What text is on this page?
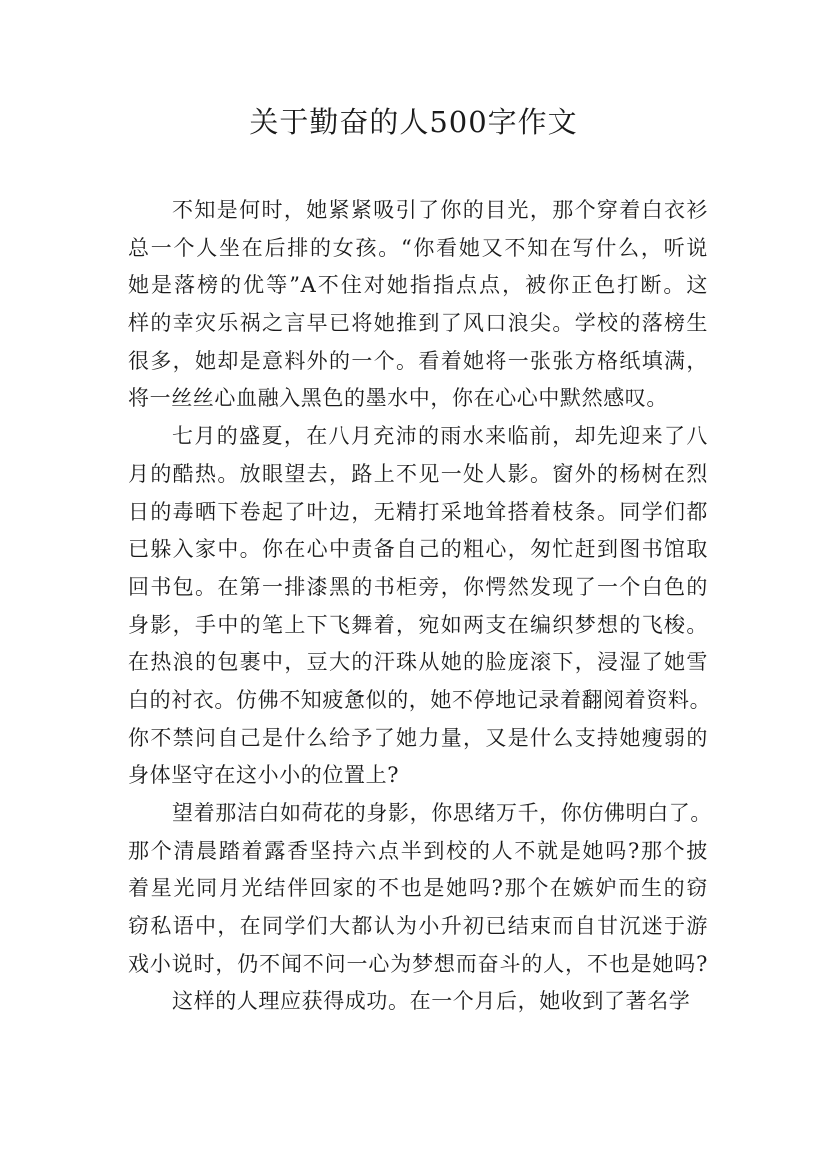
关于勤奋的人500字作文
不知是何时，她紧紧吸引了你的目光，那个穿着白衣衫
总一个人坐在后排的女孩。“你看她又不知在写什么，听说
她是落榜的优等”A不住对她指指点点，被你正色打断。这
样的幸灾乐祸之言早已将她推到了风口浪尖。学校的落榜生
很多，她却是意料外的一个。看着她将一张张方格纸填满，
将一丝丝心血融入黑色的墨水中，你在心心中默然感叹。
七月的盛夏，在八月充沛的雨水来临前，却先迎来了八
月的酷热。放眼望去，路上不见一处人影。窗外的杨树在烈
日的毒晒下卷起了叶边，无精打采地耸搭着枝条。同学们都
已躲入家中。你在心中责备自己的粗心，匆忙赶到图书馆取
回书包。在第一排漆黑的书柜旁，你愕然发现了一个白色的
身影，手中的笔上下飞舞着，宛如两支在编织梦想的飞梭。
在热浪的包裹中，豆大的汗珠从她的脸庞滚下，浸湿了她雪
白的衬衣。仿佛不知疲惫似的，她不停地记录着翻阅着资料。
你不禁问自己是什么给予了她力量，又是什么支持她瘦弱的
身体坚守在这小小的位置上?
望着那洁白如荷花的身影，你思绪万千，你仿佛明白了。
那个清晨踏着露香坚持六点半到校的人不就是她吗?那个披
着星光同月光结伴回家的不也是她吗?那个在嫉妒而生的窃
窃私语中，在同学们大都认为小升初已结束而自甘沉迷于游
戏小说时，仍不闻不问一心为梦想而奋斗的人，不也是她吗?
这样的人理应获得成功。在一个月后，她收到了著名学
